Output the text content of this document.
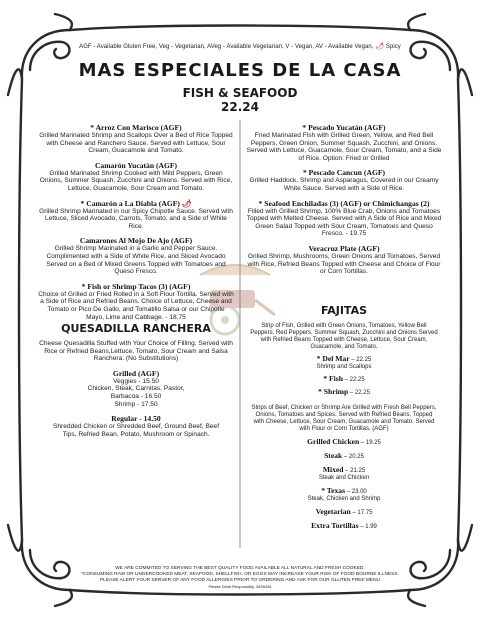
AGF - Available Gluten Free, Veg - Vegetarian, AVeg - Available Vegetarian, V - Vegan, AV - Available Vegan, 🌶 Spicy
MAS ESPECIALES DE LA CASA
FISH & SEAFOOD
22.24
* Arroz Con Marisco (AGF)
Grilled Marinated Shrimp and Scallops Over a Bed of Rice Topped with Cheese and Ranchero Sauce. Served with Lettuce, Sour Cream, Guacamole and Tomato.
Camarón Yucatán (AGF)
Grilled Marinated Shrimp Cooked with Mild Peppers, Green Onions, Summer Squash, Zucchini and Onions. Served with Rice, Lettuce, Guacamole, Sour Cream and Tomato.
* Camarón a La Diabla (AGF) 🌶
Grilled Shrimp Marinated in our Spicy Chipotle Sauce. Served with Lettuce, Sliced Avocado, Carrots, Tomato, and a Side of White Rice.
Camarones Al Mojo De Ajo (AGF)
Grilled Shrimp Marinated in a Garlic and Pepper Sauce. Complimented with a Side of White Rice, and Sliced Avocado Served on a Bed of Mixed Greens Topped with Tomatoes and Queso Fresco.
* Fish or Shrimp Tacos (3) (AGF)
Choice of Grilled or Fried Rolled in a Soft Flour Tortilla. Served with a Side of Rice and Refried Beans. Choice of Lettuce, Cheese and Tomato or Pico De Gallo, and Tomatillo Salsa or our Chipotle Mayo, Lime and Cabbage. - 18.75
* Pescado Yucatán (AGF)
Fried Marinated Fish with Grilled Green, Yellow, and Red Bell Peppers, Green Onion, Summer Squash, Zucchini, and Onions. Served with Lettuce, Guacamole, Sour Cream, Tomato, and a Side of Rice. Option: Fried or Grilled
* Pescado Cancun (AGF)
Grilled Haddock, Shrimp and Asparagus, Covered in our Creamy White Sauce. Served with a Side of Rice.
* Seafood Enchiladas (3) (AGF) or Chimichangas (2)
Filled with Grilled Shrimp, 100% Blue Crab, Onions and Tomatoes Topped with Melted Cheese. Served with A Side of Rice and Mixed Green Salad Topped with Sour Cream, Tomatoes and Queso Fresco. - 19.75
Veracruz Plate (AGF)
Grilled Shrimp, Mushrooms, Green Onions and Tomatoes, Served with Rice, Refried Beans Topped with Cheese and Choice of Flour or Corn Tortillas.
QUESADILLA RANCHERA
Cheese Quesadilla Stuffed with Your Choice of Filling. Served with Rice or Refried Beans,Lettuce, Tomato, Sour Cream and Salsa Ranchera. (No Substitutions)
Grilled (AGF)
Veggies - 15.50
Chicken, Steak, Carnitas, Pastor,
Barbacoa - 16.50
Shrimp - 17.50
Regular - 14.50
Shredded Chicken or Shredded Beef, Ground Beef, Beef Tips, Refried Bean, Potato, Mushroom or Spinach.
FAJITAS
Strip of Fish, Grilled with Green Onions, Tomatoes, Yellow Bell Peppers, Red Peppers, Summer Squash, Zucchini and Onions Served with Refried Beans Topped with Cheese, Lettuce, Sour Cream, Guacamole, and Tomato.
* Del Mar – 22.25
Shrimp and Scallops
* Fish – 22.25
* Shrimp – 22.25
Strips of Beef, Chicken or Shrimp Are Grilled with Fresh Bell Peppers, Onions, Tomatoes and Spices. Served with Refried Beans, Topped with Cheese, Lettuce, Sour Cream, Guacamole and Tomato. Served with Flour or Corn Tortillas. (AGF)
Grilled Chicken – 19.25
Steak – 20.25
Mixed – 21.25
Steak and Chicken
* Texas – 23.00
Steak, Chicken and Shrimp
Vegetarian – 17.75
Extra Tortillas – 1.99
WE ARE COMMITED TO SERVING THE BEST QUALITY FOOD AVAILABLE ALL NATURAL AND FRESH COOKED.
*CONSUMING RAW OR UNDERCOOKED MEAT, SEAFOOD, SHELLFISH, OR EGGS MAY INCREASE YOUR RISK OF FOOD BOURNE ILLNESS.
PLEASE ALERT YOUR SERVER OF ANY FOOD ALLERGIES PRIOR TO ORDERING AND ASK FOR OUR GLUTEN FREE MENU
Please Drink Responsibly. 3495494
